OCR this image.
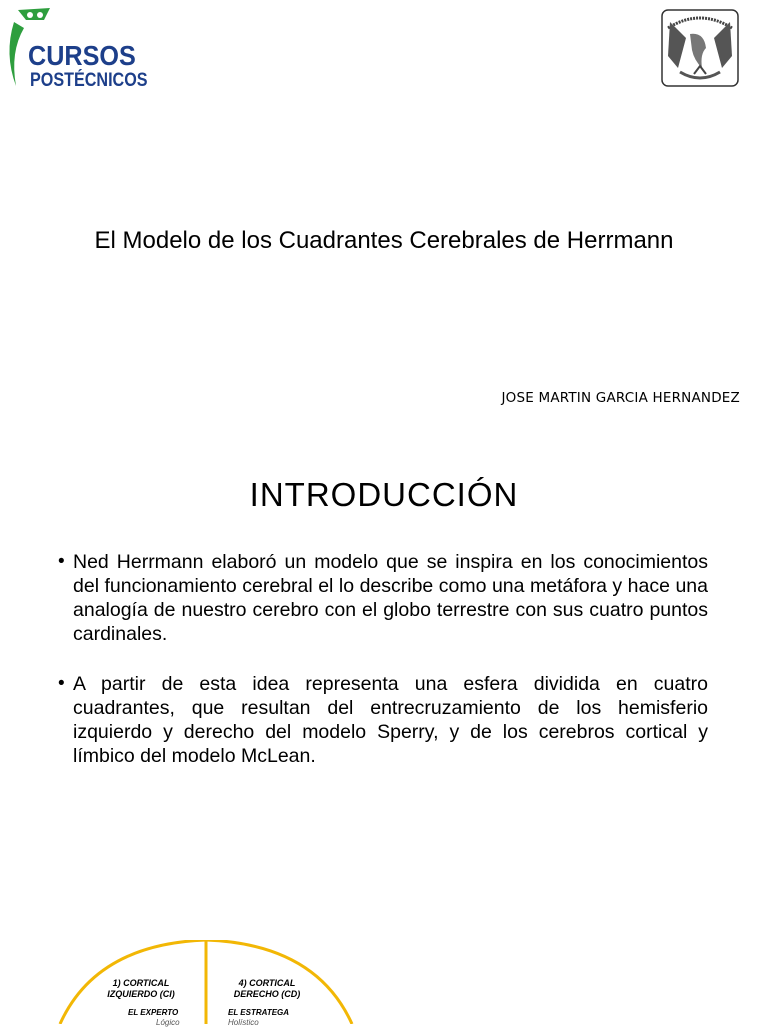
CURSOS
POSTÉCNICOS
El Modelo de los Cuadrantes Cerebrales de Herrmann
JOSE MARTIN GARCIA HERNANDEZ
INTRODUCCIÓN
• Ned Herrmann elaboró un modelo que se inspira en los conocimientos del funcionamiento cerebral el lo describe como una metáfora y hace una analogía de nuestro cerebro con el globo terrestre con sus cuatro puntos cardinales.
• A partir de esta idea representa una esfera dividida en cuatro cuadrantes, que resultan del entrecruzamiento de los hemisferio izquierdo y derecho del modelo Sperry, y de los cerebros cortical y límbico del modelo McLean.
1) CORTICAL
IZQUIERDO (CI)
EL EXPERTO
Lógico
4) CORTICAL
DERECHO (CD)
EL ESTRATEGA
Holístico
